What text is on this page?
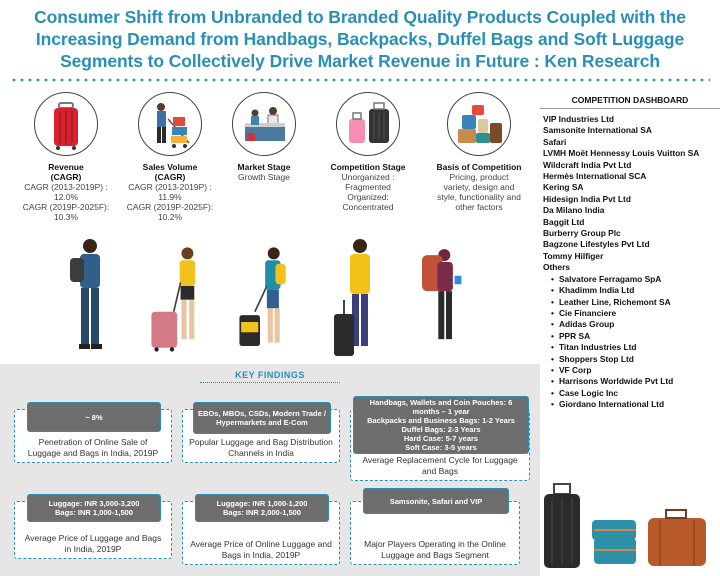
Consumer Shift from Unbranded to Branded Quality Products Coupled with the
Increasing Demand from Handbags, Backpacks, Duffel Bags and Soft Luggage
Segments to Collectively Drive Market Revenue in Future : Ken Research
Revenue
(CAGR)
CAGR (2013-2019P) :
12.0%
CAGR (2019P-2025F):
10.3%
Sales Volume
(CAGR)
CAGR (2013-2019P) :
11.9%
CAGR (2019P-2025F):
10.2%
Market Stage
Growth Stage
Competition Stage
Unorganized :
Fragmented
Organized:
Concentrated
Basis of Competition
Pricing, product
variety, design and
style, functionality and
other factors
KEY FINDINGS
~ 8%
Penetration of Online Sale of Luggage and Bags in India, 2019P
EBOs, MBOs, CSDs, Modern Trade / Hypermarkets and E-Com
Popular Luggage and Bag Distribution Channels in India
Handbags, Wallets and Coin Pouches: 6 months – 1 year
Backpacks and Business Bags: 1-2 Years
Duffel Bags: 2-3 Years
Hard Case: 5-7 years
Soft Case: 3-5 years
Average Replacement Cycle for Luggage and Bags
Luggage: INR 3,000-3,200
Bags: INR 1,000-1,500
Average Price of Luggage and Bags in India, 2019P
Luggage: INR 1,000-1,200
Bags: INR 2,000-1,500
Average Price of Online Luggage and Bags in India, 2019P
Samsonite, Safari and VIP
Major Players Operating in the Online Luggage and Bags Segment
COMPETITION DASHBOARD
VIP Industries Ltd
Samsonite International SA
Safari
LVMH Moët Hennessy Louis Vuitton SA
Wildcraft India Pvt Ltd
Hermès International SCA
Kering SA
Hidesign India Pvt Ltd
Da Milano India
Baggit Ltd
Burberry Group Plc
Bagzone Lifestyles Pvt Ltd
Tommy Hilfiger
Others
• Salvatore Ferragamo SpA
• Khadimm India Ltd
• Leather Line, Richemont SA
• Cie Financiere
• Adidas Group
• PPR SA
• Titan Industries Ltd
• Shoppers Stop Ltd
• VF Corp
• Harrisons Worldwide Pvt Ltd
• Case Logic Inc
• Giordano International Ltd
